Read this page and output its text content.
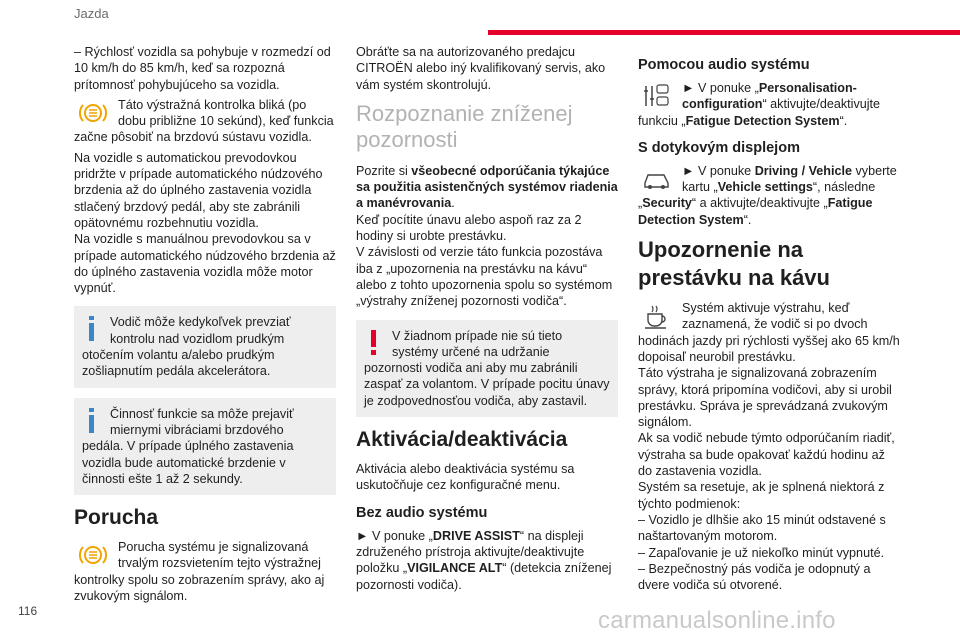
Jazda
116

– Rýchlosť vozidla sa pohybuje v rozmedzí od 10 km/h do 85 km/h, keď sa rozpozná prítomnosť pohybujúceho sa vozidla.

Táto výstražná kontrolka bliká (po dobu približne 10 sekúnd), keď funkcia začne pôsobiť na brzdovú sústavu vozidla.

Na vozidle s automatickou prevodovkou pridržte v prípade automatického núdzového brzdenia až do úplného zastavenia vozidla stlačený brzdový pedál, aby ste zabránili opätovnému rozbehnutiu vozidla.

Na vozidle s manuálnou prevodovkou sa v prípade automatického núdzového brzdenia až do úplného zastavenia vozidla môže motor vypnúť.

Vodič môže kedykoľvek prevziať kontrolu nad vozidlom prudkým otočením volantu a/alebo prudkým zošliapnutím pedála akcelerátora.

Činnosť funkcie sa môže prejaviť miernymi vibráciami brzdového pedála. V prípade úplného zastavenia vozidla bude automatické brzdenie v činnosti ešte 1 až 2 sekundy.

Porucha

Porucha systému je signalizovaná trvalým rozsvietením tejto výstražnej kontrolky spolu so zobrazením správy, ako aj zvukovým signálom.

Obráťte sa na autorizovaného predajcu CITROËN alebo iný kvalifikovaný servis, ako vám systém skontrolujú.

Rozpoznanie zníženej pozornosti

Pozrite si všeobecné odporúčania týkajúce sa použitia asistenčných systémov riadenia a manévrovania.

Keď pocítite únavu alebo aspoň raz za 2 hodiny si urobte prestávku.

V závislosti od verzie táto funkcia pozostáva iba z „upozornenia na prestávku na kávu“ alebo z tohto upozornenia spolu so systémom „výstrahy zníženej pozornosti vodiča“.

V žiadnom prípade nie sú tieto systémy určené na udržanie pozornosti vodiča ani aby mu zabránili zaspať za volantom. V prípade pocitu únavy je zodpovednosťou vodiča, aby zastavil.

Aktivácia/deaktivácia

Aktivácia alebo deaktivácia systému sa uskutočňuje cez konfiguračné menu.

Bez audio systému

► V ponuke „DRIVE ASSIST“ na displeji združeného prístroja aktivujte/deaktivujte položku „VIGILANCE ALT“ (detekcia zníženej pozornosti vodiča).

Pomocou audio systému

► V ponuke „Personalisation-configuration“ aktivujte/deaktivujte funkciu „Fatigue Detection System“.

S dotykovým displejom

► V ponuke Driving / Vehicle vyberte kartu „Vehicle settings“, následne „Security“ a aktivujte/deaktivujte „Fatigue Detection System“.

Upozornenie na prestávku na kávu

Systém aktivuje výstrahu, keď zaznamená, že vodič si po dvoch hodinách jazdy pri rýchlosti vyššej ako 65 km/h dopoisaľ neurobil prestávku.

Táto výstraha je signalizovaná zobrazením správy, ktorá pripomína vodičovi, aby si urobil prestávku. Správa je sprevádzaná zvukovým signálom.

Ak sa vodič nebude týmto odporúčaním riadiť, výstraha sa bude opakovať každú hodinu až do zastavenia vozidla.

Systém sa resetuje, ak je splnená niektorá z týchto podmienok:

– Vozidlo je dlhšie ako 15 minút odstavené s naštartovaným motorom.

– Zapaľovanie je už niekoľko minút vypnuté.

– Bezpečnostný pás vodiča je odopnutý a dvere vodiča sú otvorené.

carmanualsonline.info
